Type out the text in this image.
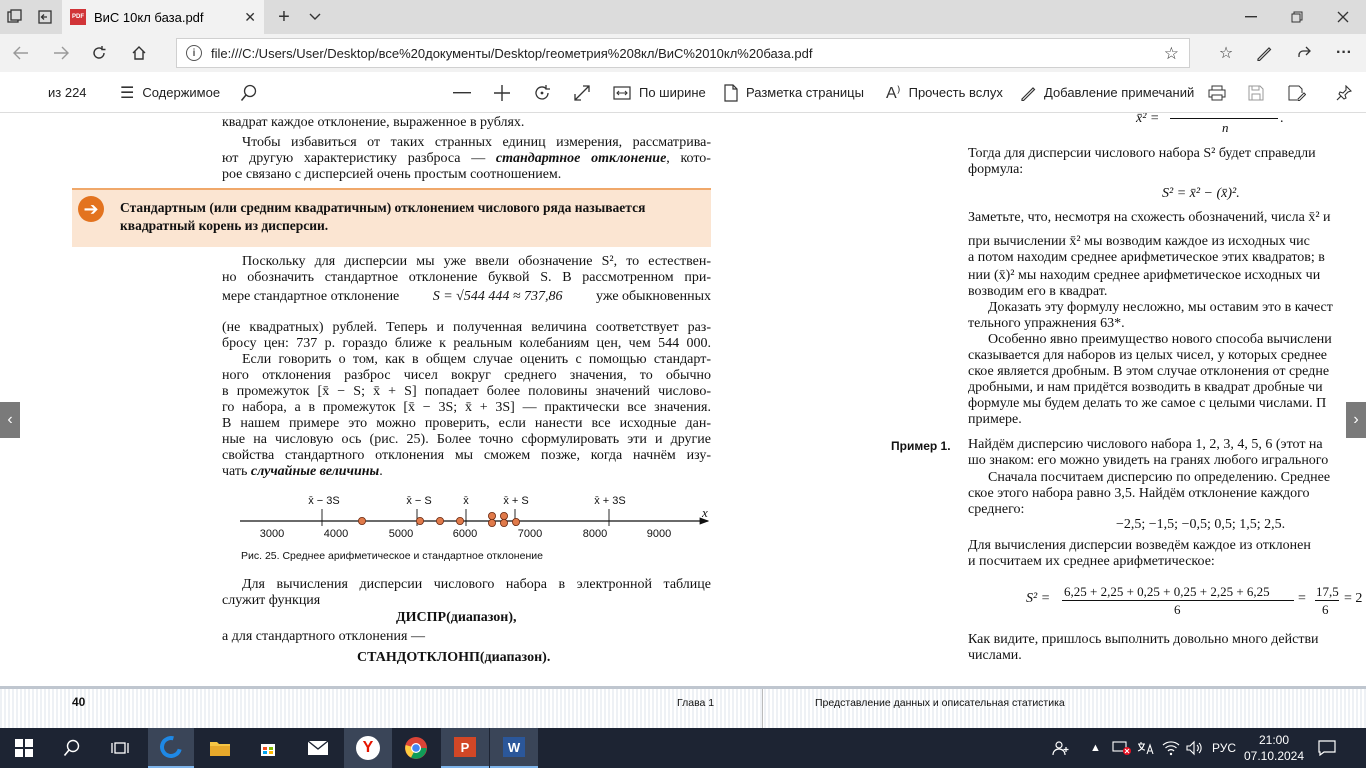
PDF ВиС 10кл база.pdf	✕	+
i	file:///C:/Users/User/Desktop/все%20документы/Desktop/геометрия%208кл/ВиС%2010кл%20база.pdf	☆	☆	···
из 224 ☰ Содержимое	По ширине	Разметка страницы A⁾ Прочесть вслух	Добавление примечаний
квадрат каждое отклонение, выраженное в рублях.
Чтобы избавиться от таких странных единиц измерения, рассматрива-
ют другую характеристику разброса — стандартное отклонение, кото-
рое связано с дисперсией очень простым соотношением.
➔	Стандартным (или средним квадратичным) отклонением числового ряда называется
квадратный корень из дисперсии.
Поскольку для дисперсии мы уже ввели обозначение S², то естествен-
но обозначить стандартное отклонение буквой S. В рассмотренном при-
мере стандартное отклонение S = √544 444 ≈ 737,86 уже обыкновенных
(не квадратных) рублей. Теперь и полученная величина соответствует раз-
бросу цен: 737 р. гораздо ближе к реальным колебаниям цен, чем 544 000.
Если говорить о том, как в общем случае оценить с помощью стандарт-
ного отклонения разброс чисел вокруг среднего значения, то обычно
в промежуток [x̄ − S; x̄ + S] попадает более половины значений числово-
го набора, а в промежуток [x̄ − 3S; x̄ + 3S] — практически все значения.
В нашем примере это можно проверить, если нанести все исходные дан-
ные на числовую ось (рис. 25). Более точно сформулировать эти и другие
свойства стандартного отклонения мы сможем позже, когда начнём изу-
чать случайные величины.
x
x̄ − 3S	x̄ − S	x̄	x̄ + S	x̄ + 3S
3000	4000	5000	6000	7000	8000	9000
Рис. 25. Среднее арифметическое и стандартное отклонение
Для вычисления дисперсии числового набора в электронной таблице
служит функция
ДИСПР(диапазон),
а для стандартного отклонения —
СТАНДОТКЛОНП(диапазон).
x̄² =
n
.
Тогда для дисперсии числового набора S² будет справедли
формула:
S² = x̄² − (x̄)².
Заметьте, что, несмотря на схожесть обозначений, числа x̄² и
при вычислении x̄² мы возводим каждое из исходных чис
а потом находим среднее арифметическое этих квадратов; в
нии (x̄)² мы находим среднее арифметическое исходных чи
возводим его в квадрат.
Доказать эту формулу несложно, мы оставим это в качест
тельного упражнения 63*.
Особенно явно преимущество нового способа вычислени
сказывается для наборов из целых чисел, у которых среднее
ское является дробным. В этом случае отклонения от средне
дробными, и нам придётся возводить в квадрат дробные чи
формуле мы будем делать то же самое с целыми числами. П
примере.
Пример 1. Найдём дисперсию числового набора 1, 2, 3, 4, 5, 6 (этот на
шо знаком: его можно увидеть на гранях любого игрального
Сначала посчитаем дисперсию по определению. Среднее
ское этого набора равно 3,5. Найдём отклонение каждого
среднего:
−2,5; −1,5; −0,5; 0,5; 1,5; 2,5.
Для вычисления дисперсии возведём каждое из отклонен
и посчитаем их среднее арифметическое:
S² = 6,25 + 2,25 + 0,25 + 0,25 + 2,25 + 6,25
6
= 17,5
6
= 2
Как видите, пришлось выполнить довольно много действи
числами.
‹	›
40	Глава 1	Представление данных и описательная статистика
Y	P	W	▲	РУС
21:00
07.10.2024
